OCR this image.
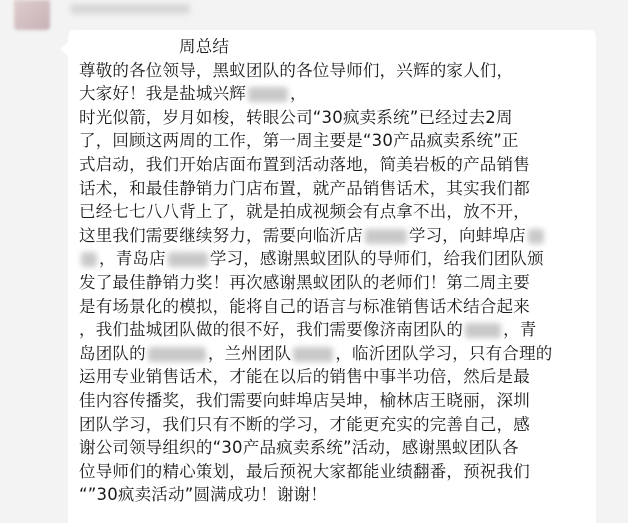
周总结
尊敬的各位领导，黑蚁团队的各位导师们，兴辉的家人们，
大家好！我是盐城兴辉	，
时光似箭，岁月如梭，转眼公司“30疯卖系统”已经过去2周
了，回顾这两周的工作，第一周主要是“30产品疯卖系统”正
式启动，我们开始店面布置到活动落地，简美岩板的产品销售
话术，和最佳静销力门店布置，就产品销售话术，其实我们都
已经七七八八背上了，就是拍成视频会有点拿不出，放不开，
这里我们需要继续努力，需要向临沂店	学习，向蚌埠店
，青岛店	学习，感谢黑蚁团队的导师们，给我们团队颁
发了最佳静销力奖！再次感谢黑蚁团队的老师们！第二周主要
是有场景化的模拟，能将自己的语言与标准销售话术结合起来
，我们盐城团队做的很不好，我们需要像济南团队的 ，青
岛团队的	，兰州团队	，临沂团队学习，只有合理的
运用专业销售话术，才能在以后的销售中事半功倍，然后是最
佳内容传播奖，我们需要向蚌埠店吴坤，榆林店王晓丽，深圳
团队学习，我们只有不断的学习，才能更充实的完善自己，感
谢公司领导组织的“30产品疯卖系统”活动，感谢黑蚁团队各
位导师们的精心策划，最后预祝大家都能业绩翻番，预祝我们
“”30疯卖活动”圆满成功！谢谢！
